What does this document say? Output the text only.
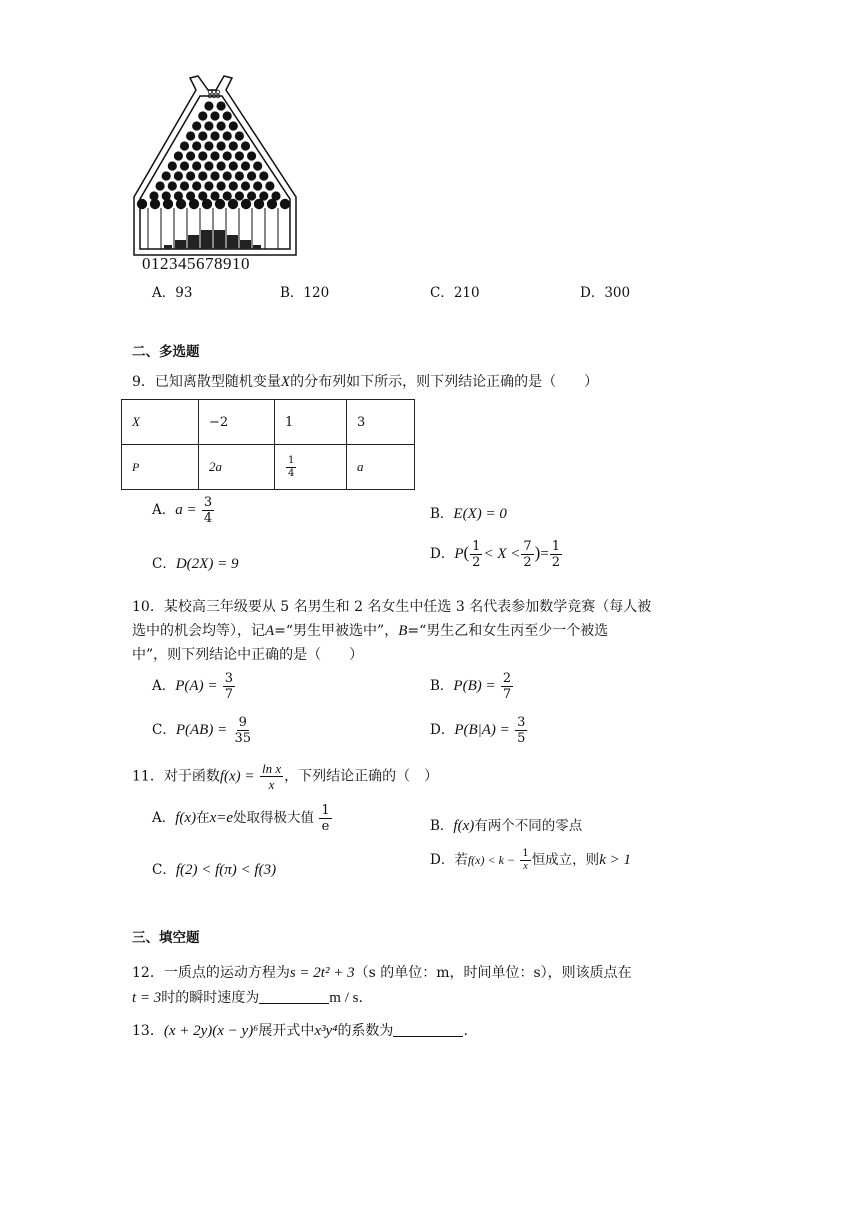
012345678910
A．93	B．120	C．210	D．300
二、多选题
9．已知离散型随机变量X的分布列如下所示，则下列结论正确的是（　　）
X	−2	1	3
P	2a	$\frac{1}{4}$	a
A．$a = \frac{3}{4}$	B．E(X) = 0
C．D(2X) = 9
D．$P( \frac{1}{2} < X < \frac{7}{2}$ )= $\frac{1}{2}$
10．某校高三年级要从 5 名男生和 2 名女生中任选 3 名代表参加数学竞赛（每人被
选中的机会均等），记A=“男生甲被选中”，B=“男生乙和女生丙至少一个被选
中”，则下列结论中正确的是（　　）
A．$P(A) = \frac{3}{7}$	B．$P(B) = \frac{2}{7}$
C．$P(AB) = \frac{9}{35}$	D．$P(B|A) = \frac{3}{5}$
11．对于函数$f(x) = \frac{\text{ln x}}{x}$ ，下列结论正确的（　）
A．f(x)在x=e处取得极大值 $\frac{1}{e}$	B．f(x)有两个不同的零点
C．f(2) < f(π) < f(3)
D．若$f(x) < k - \frac{1}{x}$ 恒成立，则k > 1
三、填空题
12．一质点的运动方程为s = 2t² + 3（s 的单位：m，时间单位：s），则该质点在
t = 3时的瞬时速度为	m / s.
13．(x + 2y)(x − y)⁶展开式中x³y⁴的系数为	.
